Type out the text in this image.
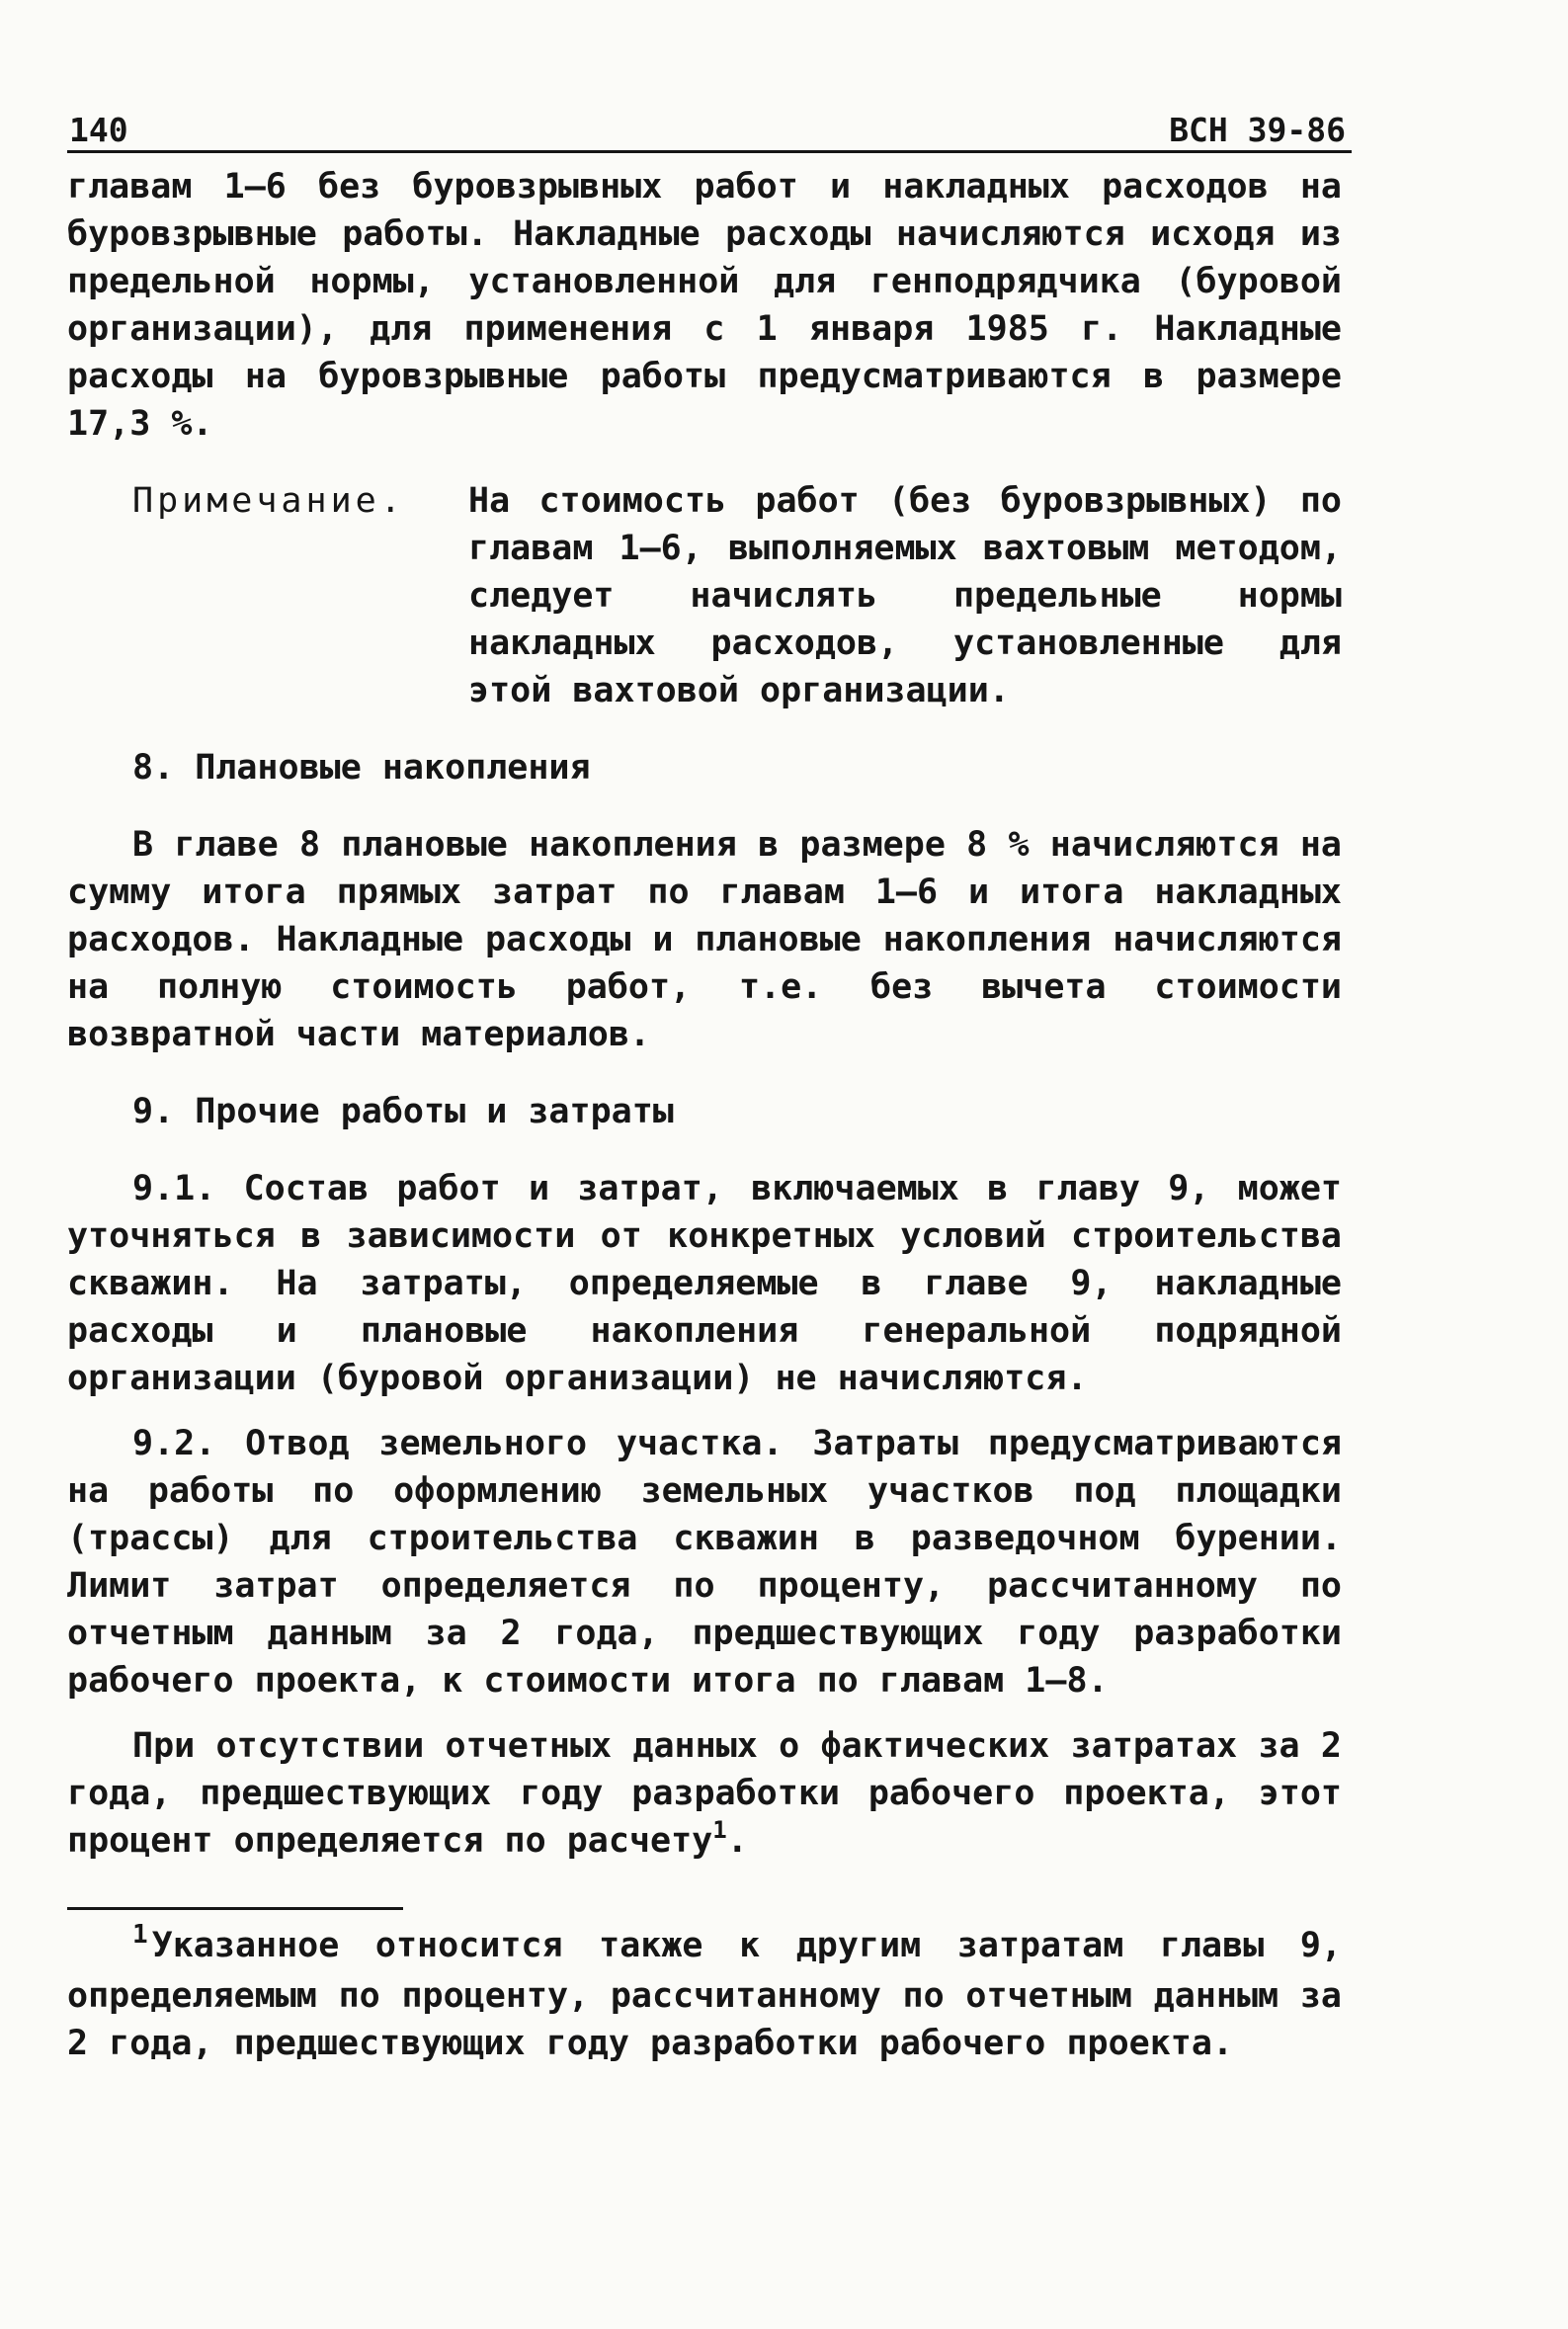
140	ВСН 39-86

главам 1–6 без буровзрывных работ и накладных расходов на буровзрывные работы. Накладные расходы начисляются исходя из предельной нормы, установленной для генподрядчика (буровой организации), для применения с 1 января 1985 г. Накладные расходы на буровзрывные работы предусматриваются в размере 17,3 %.

Примечание.	На стоимость работ (без буровзрывных) по главам 1–6, выполняемых вахтовым методом, следует начислять предельные нормы накладных расходов, установленные для этой вахтовой организации.

8. Плановые накопления

В главе 8 плановые накопления в размере 8 % начисляются на сумму итога прямых затрат по главам 1–6 и итога накладных расходов. Накладные расходы и плановые накопления начисляются на полную стоимость работ, т.е. без вычета стоимости возвратной части материалов.

9. Прочие работы и затраты

9.1. Состав работ и затрат, включаемых в главу 9, может уточняться в зависимости от конкретных условий строительства скважин. На затраты, определяемые в главе 9, накладные расходы и плановые накопления генеральной подрядной организации (буровой организации) не начисляются.

9.2. Отвод земельного участка. Затраты предусматриваются на работы по оформлению земельных участков под площадки (трассы) для строительства скважин в разведочном бурении. Лимит затрат определяется по проценту, рассчитанному по отчетным данным за 2 года, предшествующих году разработки рабочего проекта, к стоимости итога по главам 1–8.

При отсутствии отчетных данных о фактических затратах за 2 года, предшествующих году разработки рабочего проекта, этот процент определяется по расчету$^1$.

$^1$ Указанное относится также к другим затратам главы 9, определяемым по проценту, рассчитанному по отчетным данным за 2 года, предшествующих году разработки рабочего проекта.
